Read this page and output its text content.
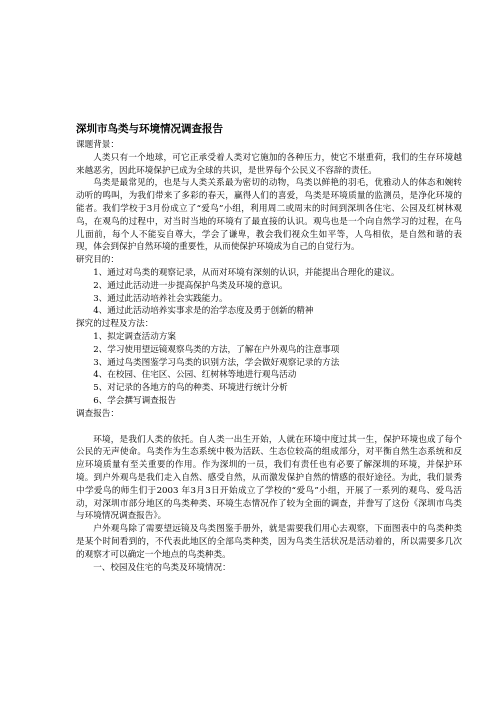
深圳市鸟类与环境情况调查报告
课题背景：

人类只有一个地球，可它正承受着人类对它施加的各种压力，使它不堪重荷，我们的生存环境越来越恶劣，因此环境保护已成为全球的共识，是世界每个公民义不容辞的责任。

鸟类是最常见的，也是与人类关系最为密切的动物，鸟类以鲜艳的羽毛，优雅动人的体态和婉转动听的鸣叫，为我们带来了多彩的春天，赢得人们的喜爱，鸟类是环境质量的监测员，是净化环境的能者。我们学校于3月份成立了“爱鸟”小组，利用周二或周末的时间到深圳各住宅、公园及红树林观鸟，在观鸟的过程中，对当时当地的环境有了最直接的认识。观鸟也是一个向自然学习的过程，在鸟儿面前，每个人不能妄自尊大，学会了谦卑，教会我们视众生如平等，人鸟相依，是自然和谐的表现，体会到保护自然环境的重要性，从而使保护环境成为自己的自觉行为。

研究目的：
1、通过对鸟类的观察记录，从而对环境有深刻的认识，并能提出合理化的建议。
2、通过此活动进一步提高保护鸟类及环境的意识。
3、通过此活动培养社会实践能力。
4、通过此活动培养实事求是的治学态度及勇于创新的精神
探究的过程及方法：
1、拟定调查活动方案
2、学习使用望远镜观察鸟类的方法，了解在户外观鸟的注意事项
3、通过鸟类图鉴学习鸟类的识别方法，学会做好观察记录的方法
4、在校园、住宅区、公园、红树林等地进行观鸟活动
5、对记录的各地方的鸟的种类、环境进行统计分析
6、学会撰写调查报告
调查报告：

环境，是我们人类的依托。自人类一出生开始，人就在环境中度过其一生，保护环境也成了每个公民的无声使命。鸟类作为生态系统中极为活跃、生态位较高的组成部分，对平衡自然生态系统和反应环境质量有至关重要的作用。作为深圳的一员，我们有责任也有必要了解深圳的环境，并保护环境。到户外观鸟是我们走入自然、感受自然，从而激发保护自然的情感的很好途径。为此，我们景秀中学爱鸟的师生们于2003 年3月3日开始成立了学校的“爱鸟”小组，开展了一系列的观鸟、爱鸟活动，对深圳市部分地区的鸟类种类、环境生态情况作了较为全面的调查，并誊写了这份《深圳市鸟类与环境情况调查报告》。

户外观鸟除了需要望远镜及鸟类图鉴手册外，就是需要我们用心去观察，下面图表中的鸟类种类是某个时间看到的，不代表此地区的全部鸟类种类，因为鸟类生活状况是活动着的，所以需要多几次的观察才可以确定一个地点的鸟类种类。

一、校园及住宅的鸟类及环境情况：
